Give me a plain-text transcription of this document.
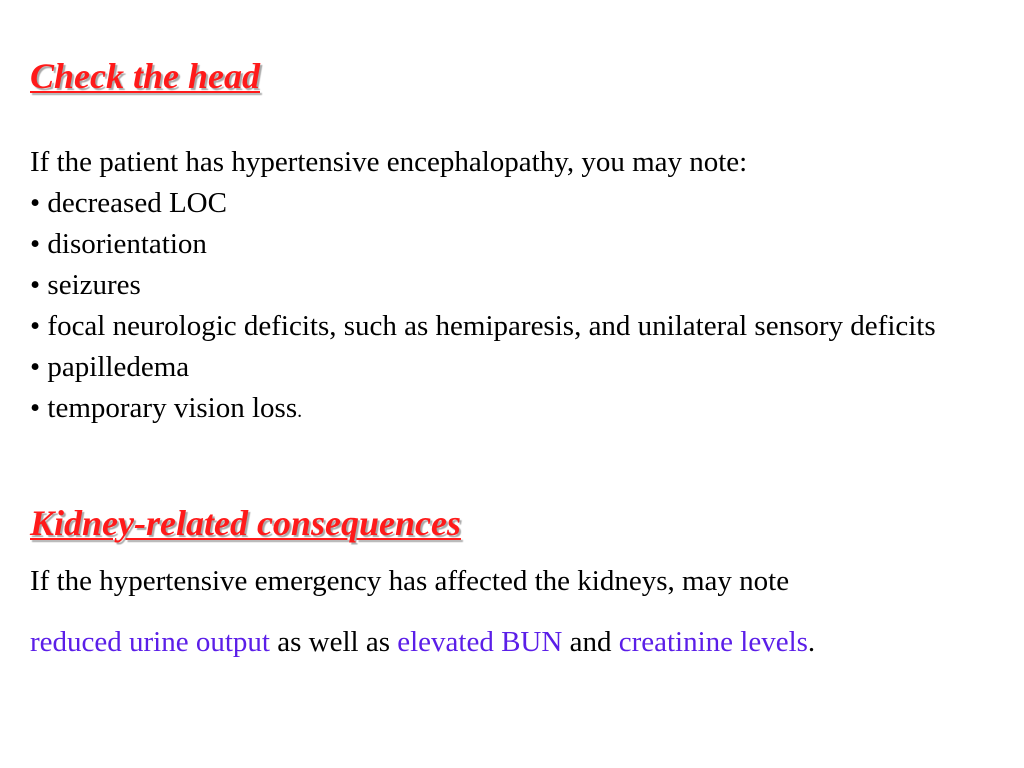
Check the head

If the patient has hypertensive encephalopathy, you may note:

• decreased LOC
• disorientation
• seizures
• focal neurologic deficits, such as hemiparesis, and unilateral sensory deficits
• papilledema
• temporary vision loss.
Kidney-related consequences

If the hypertensive emergency has affected the kidneys, may note

reduced urine output as well as elevated BUN and creatinine levels.
